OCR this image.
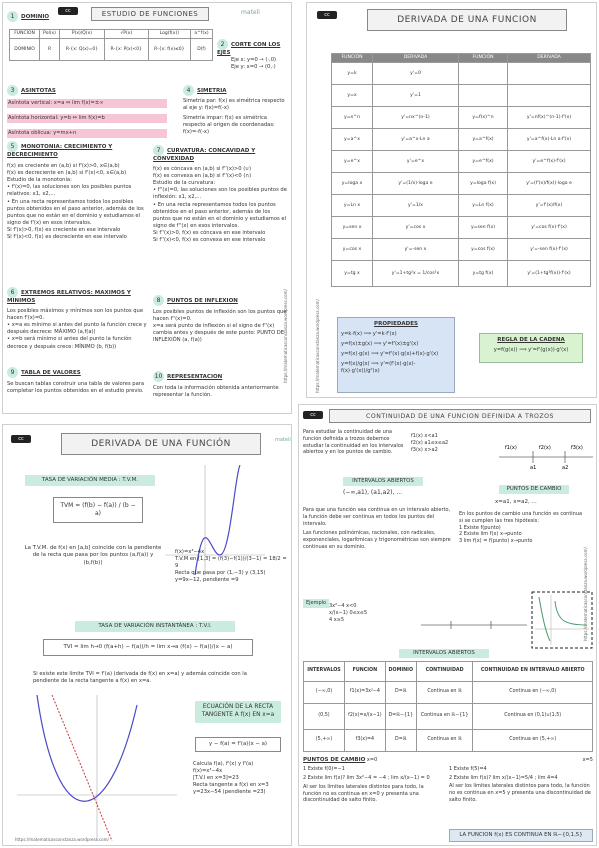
cc	ESTUDIO DE FUNCIONES	mateli
1 DOMINIO
FUNCION	Pol(x)	P(x)/Q(x)	√P(x)	Log(f(x))	a^f(x)
DOMINIO	R	R-{x: Q(x)=0}	R-{x: P(x)<0}	R-{x: f(x)≤0}	D(f)
2 CORTE CON LOS EJES
Eje x: y=0 → (·,0)
Eje y: x=0 → (0,·)
3 ASINTOTAS
Asíntota vertical: x=a ⇔ lim f(x)=±∞
Asíntota horizontal: y=b ⇔ lim f(x)=b
Asíntota oblicua: y=mx+n
4 SIMETRIA
Simetría par: f(x) es simétrica respecto al eje y: f(x)=f(-x)
Simetría impar: f(x) es simétrica respecto al origen de coordenadas: f(x)=-f(-x)
5 MONOTONIA: CRECIMIENTO Y DECRECIMIENTO
f(x) es creciente en (a,b) si f'(x)>0, x∈(a,b)
f(x) es decreciente en (a,b) si f'(x)<0, x∈(a,b)
Estudio de la monotonía:
• f'(x)=0, las soluciones son los posibles puntos relativos: x1, x2,...
• En una recta representamos todos los posibles puntos obtenidos en el paso anterior, además de los puntos que no están en el dominio y estudiamos el signo de f'(x) en esos intervalos.
Si f'(x)>0, f(x) es creciente en ese intervalo
Si f'(x)<0, f(x) es decreciente en ese intervalo
6 EXTREMOS RELATIVOS: MAXIMOS Y MINIMOS
Los posibles máximos y mínimos son los puntos que hacen f'(x)=0.
• x=a es mínimo si antes del punto la función crece y después decrece: MÁXIMO (a,f(a))
• x=b será mínimo si antes del punto la función decrece y después crece: MÍNIMO (b, f(b))
9 TABLA DE VALORES
Se buscan tablas construir una tabla de valores para completar los puntos obtenidos en el estudio previo.
7 CURVATURA: CONCAVIDAD Y CONVEXIDAD
f(x) es cóncava en (a,b) si f''(x)>0 (∪)
f(x) es convexa en (a,b) si f''(x)<0 (∩)
Estudio de la curvatura:
• f''(x)=0, las soluciones son los posibles puntos de inflexión: x1, x2,...
• En una recta representamos todos los puntos obtenidos en el paso anterior, además de los puntos que no están en el dominio y estudiamos el signo de f''(x) en esos intervalos.
Si f''(x)>0, f(x) es cóncava en ese intervalo
Si f''(x)<0, f(x) es convexa en ese intervalo
8 PUNTOS DE INFLEXION
Los posibles puntos de inflexión son los puntos que hacen f''(x)=0.
x=a será punto de inflexión si el signo de f''(x) cambia antes y después de este punto: PUNTO DE INFLEXIÓN (a, f(a))
10 REPRESENTACION
Con toda la información obtenida anteriormente representar la función.
https://matematicasconstanza.wordpress.com/
cc	DERIVADA DE UNA FUNCION
FUNCIÓN	DERIVADA	FUNCIÓN	DERIVADA
y=k	y'=0		
y=x	y'=1		
y=x^n	y'=nx^(n-1)	y=f(x)^n	y'=nf(x)^(n-1)·f'(x)
y=a^x	y'=a^x·Ln a	y=a^f(x)	y'=a^f(x)·Ln a·f'(x)
y=e^x	y'=e^x	y=e^f(x)	y'=e^f(x)·f'(x)
y=loga x	y'=(1/x)·loga e	y=loga f(x)	y'=(f'(x)/f(x))·loga e
y=Ln x	y'=1/x	y=Ln f(x)	y'=f'(x)/f(x)
y=sen x	y'=cos x	y=sen f(x)	y'=cos f(x)·f'(x)
y=cos x	y'=-sen x	y=cos f(x)	y'=-sen f(x)·f'(x)
y=tg x	y'=1+tg²x = 1/cos²x	y=tg f(x)	y'=(1+tg²f(x))·f'(x)
PROPIEDADES
y=k·f(x) ⟹ y'=k·f'(x)
y=f(x)±g(x) ⟹ y'=f'(x)±g'(x)
y=f(x)·g(x) ⟹ y'=f'(x)·g(x)+f(x)·g'(x)
y=f(x)/g(x) ⟹ y'=(f'(x)·g(x)-f(x)·g'(x))/g²(x)
REGLA DE LA CADENA
y=f(g(x)) ⟹ y'=f'(g(x))·g'(x)
https://matematicasconstanza.wordpress.com/
cc	DERIVADA DE UNA FUNCIÓN	mateli
TASA DE VARIACIÓN MEDIA : T.V.M.
TVM = (f(b) − f(a)) / (b − a)
La T.V.M. de f(x) en [a,b] coincide con la pendiente de la recta que pasa por los puntos (a,f(a)) y (b,f(b))
f(x)=x³−4x
T.V.M en [1,3] = (f(3)−f(1))/(3−1) = 18/2 = 9
Recta que pasa por (1,−3) y (3,15)
y=9x−12, pendiente =9
TASA DE VARIACIÓN INSTANTÁNEA : T.V.I.
TVI = lim h→0 (f(a+h) − f(a))/h = lim x→a (f(x) − f(a))/(x − a)
Si existe este límite TVI = f'(a) (derivada de f(x) en x=a) y además coincide con la pendiente de la recta tangente a f(x) en x=a.
ECUACIÓN DE LA RECTA TANGENTE A f(x) EN x=a
y − f(a) = f'(a)(x − a)
Calcula f(a), f'(x) y f'(a)
f(x)=x³−4x
[T.V.I en x=3]=23
Recta tangente a f(x) en x=3
y=23x−54 (pendiente =23)
https://matematicasconstanza.wordpress.com/
cc	CONTINUIDAD DE UNA FUNCION DEFINIDA A TROZOS
Para estudiar la continuidad de una función definida a trozos debemos estudiar la continuidad en los intervalos abiertos y en los puntos de cambio.
f1(x) x<a1
f2(x) a1≤x≤a2
f3(x) x>a2	f1(x)	f2(x)	f3(x)
a1	a2
INTERVALOS ABIERTOS
(−∞,a1), (a1,a2), ...
Para que una función sea continua en un intervalo abierto, la función debe ser continua en todos los puntos del intervalo.
Las funciones polinómicas, racionales, con radicales, exponenciales, logarítmicas y trigonométricas son siempre continuas en su dominio.
PUNTOS DE CAMBIO
x=a1, x=a2, ...
En los puntos de cambio una función es continua si se cumplen las tres hipótesis:
1 Existe f(punto)
2 Existe lim f(x) x→punto
3 lim f(x) = f(punto) x→punto
Ejemplo 3x²−4 x<0
x/(x−1) 0≤x≤5
4 x≥5
INTERVALOS ABIERTOS
INTERVALOS	FUNCION	DOMINIO	CONTINUIDAD	CONTINUIDAD EN INTERVALO ABIERTO
(−∞,0)	f1(x)=3x²−4	D=ℝ	Continua en ℝ	Continua en (−∞,0)
(0,5)	f2(x)=x/(x−1)	D=ℝ−{1}	Continua en ℝ−{1}	Continua en (0,1)∪(1,5)
(5,+∞)	f3(x)=4	D=ℝ	Continua en ℝ	Continua en (5,+∞)
PUNTOS DE CAMBIO x=0
1 Existe f(0)=−1
2 Existe lim f(x)? lim 3x²−4 = −4 ; lim x/(x−1) = 0
Al ser los límites laterales distintos para todo, la función no es continua en x=0 y presenta una discontinuidad de salto finito.
x=5
1 Existe f(5)=4
2 Existe lim f(x)? lim x/(x−1)=5/4 ; lim 4=4
Al ser los límites laterales distintos para todo, la función no es continua en x=5 y presenta una discontinuidad de salto finito.
LA FUNCION f(x) ES CONTINUA EN ℝ−{0,1,5}
https://matematicasconstanza.wordpress.com/
